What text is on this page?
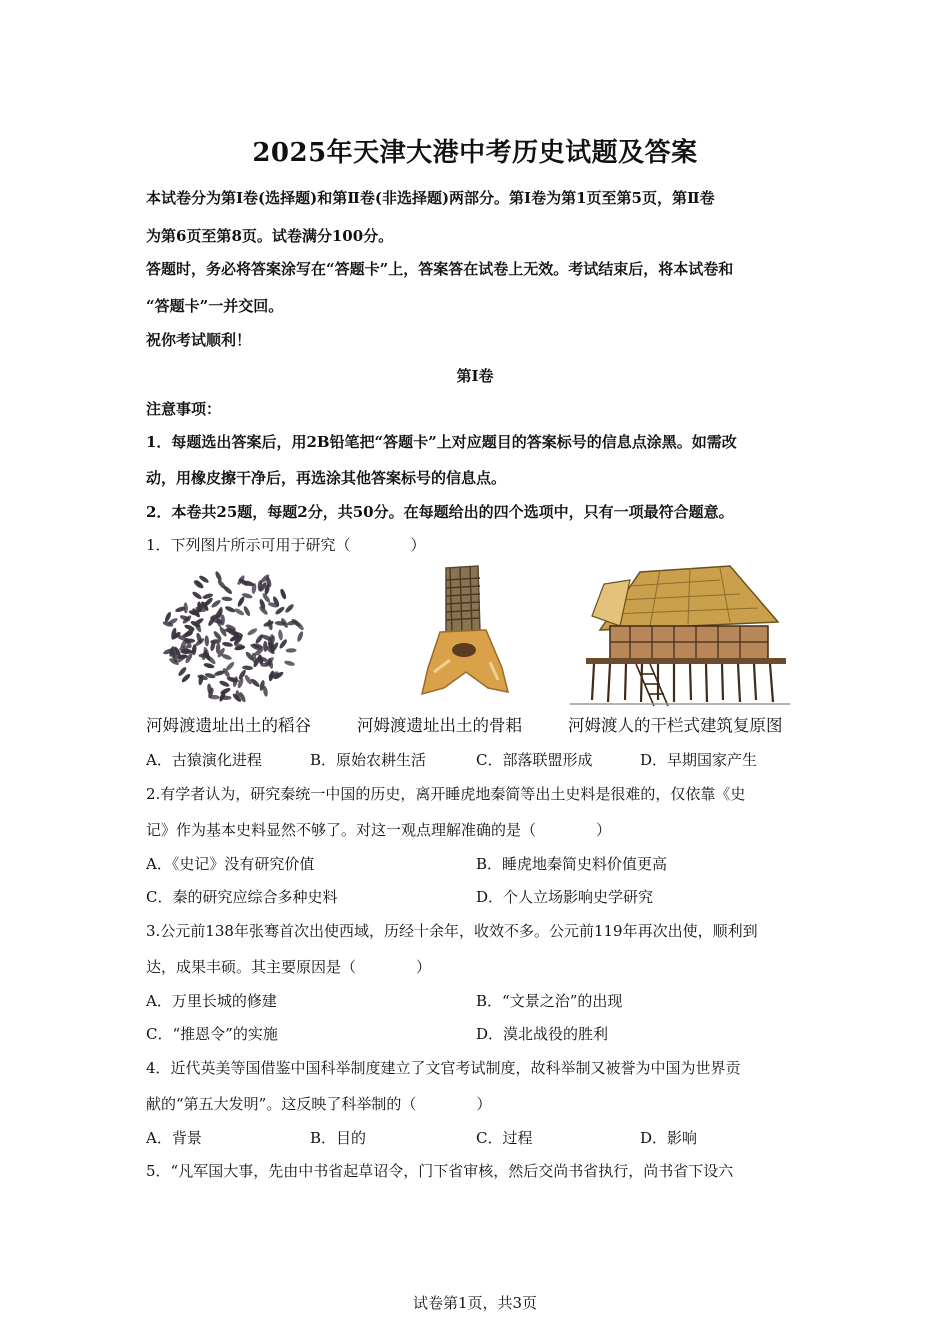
2025年天津大港中考历史试题及答案
本试卷分为第Ⅰ卷(选择题)和第Ⅱ卷(非选择题)两部分。第Ⅰ卷为第1页至第5页，第Ⅱ卷
为第6页至第8页。试卷满分100分。
答题时，务必将答案涂写在“答题卡”上，答案答在试卷上无效。考试结束后，将本试卷和
“答题卡”一并交回。
祝你考试顺利！
第Ⅰ卷
注意事项：
1．每题选出答案后，用2B铅笔把“答题卡”上对应题目的答案标号的信息点涂黑。如需改
动，用橡皮擦干净后，再选涂其他答案标号的信息点。
2．本卷共25题，每题2分，共50分。在每题给出的四个选项中，只有一项最符合题意。
1．下列图片所示可用于研究（　　　　）
河姆渡遗址出土的稻谷	河姆渡遗址出土的骨耜	河姆渡人的干栏式建筑复原图
A．古猿演化进程	B．原始农耕生活	C．部落联盟形成	D．早期国家产生
2.有学者认为，研究秦统一中国的历史，离开睡虎地秦简等出土史料是很难的，仅依靠《史
记》作为基本史料显然不够了。对这一观点理解准确的是（　　　　）
A．《史记》没有研究价值	B．睡虎地秦简史料价值更高
C．秦的研究应综合多种史料	D．个人立场影响史学研究
3.公元前138年张骞首次出使西域，历经十余年，收效不多。公元前119年再次出使，顺利到
达，成果丰硕。其主要原因是（　　　　）
A．万里长城的修建	B．“文景之治”的出现
C．“推恩令”的实施	D．漠北战役的胜利
4．近代英美等国借鉴中国科举制度建立了文官考试制度，故科举制又被誉为中国为世界贡
献的“第五大发明”。这反映了科举制的（　　　　）
A．背景	B．目的	C．过程	D．影响
5．“凡军国大事，先由中书省起草诏令，门下省审核，然后交尚书省执行，尚书省下设六
试卷第1页，共3页
